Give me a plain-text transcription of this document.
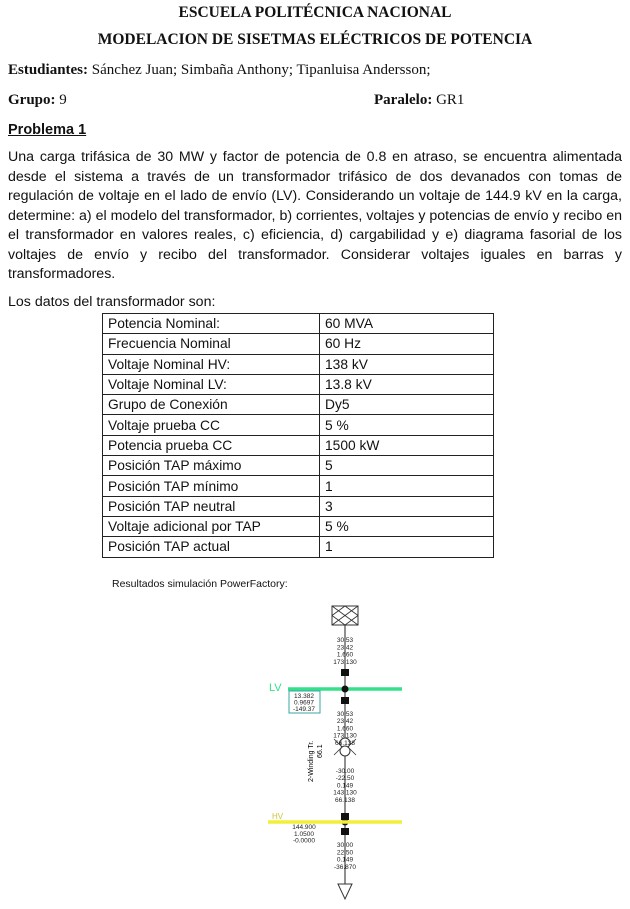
ESCUELA POLITÉCNICA NACIONAL
MODELACION DE SISETMAS ELÉCTRICOS DE POTENCIA
Estudiantes: Sánchez Juan; Simbaña Anthony; Tipanluisa Andersson;
Grupo: 9	Paralelo: GR1
Problema 1

Una carga trifásica de 30 MW y factor de potencia de 0.8 en atraso, se encuentra alimentada desde el sistema a través de un transformador trifásico de dos devanados con tomas de regulación de voltaje en el lado de envío (LV). Considerando un voltaje de 144.9 kV en la carga, determine: a) el modelo del transformador, b) corrientes, voltajes y potencias de envío y recibo en el transformador en valores reales, c) eficiencia, d) cargabilidad y e) diagrama fasorial de los voltajes de envío y recibo del transformador. Considerar voltajes iguales en barras y transformadores.

Los datos del transformador son:
Potencia Nominal:	60 MVA
Frecuencia Nominal	60 Hz
Voltaje Nominal HV:	138 kV
Voltaje Nominal LV:	13.8 kV
Grupo de Conexión	Dy5
Voltaje prueba CC	5 %
Potencia prueba CC	1500 kW
Posición TAP máximo	5
Posición TAP mínimo	1
Posición TAP neutral	3
Voltaje adicional por TAP	5 %
Posición TAP actual	1
Resultados simulación PowerFactory:
LV
13.382
0.9697
-149.37
2-Winding Tr. 66.1
HV
144.900
1.0500
-0.0000
30.53
23.42
1.660
173.130
30.53
23.42
1.660
173.130
66.138
-30.00
-22.50
0.149
143.130
66.138
30.00
22.50
0.149
-36.870
